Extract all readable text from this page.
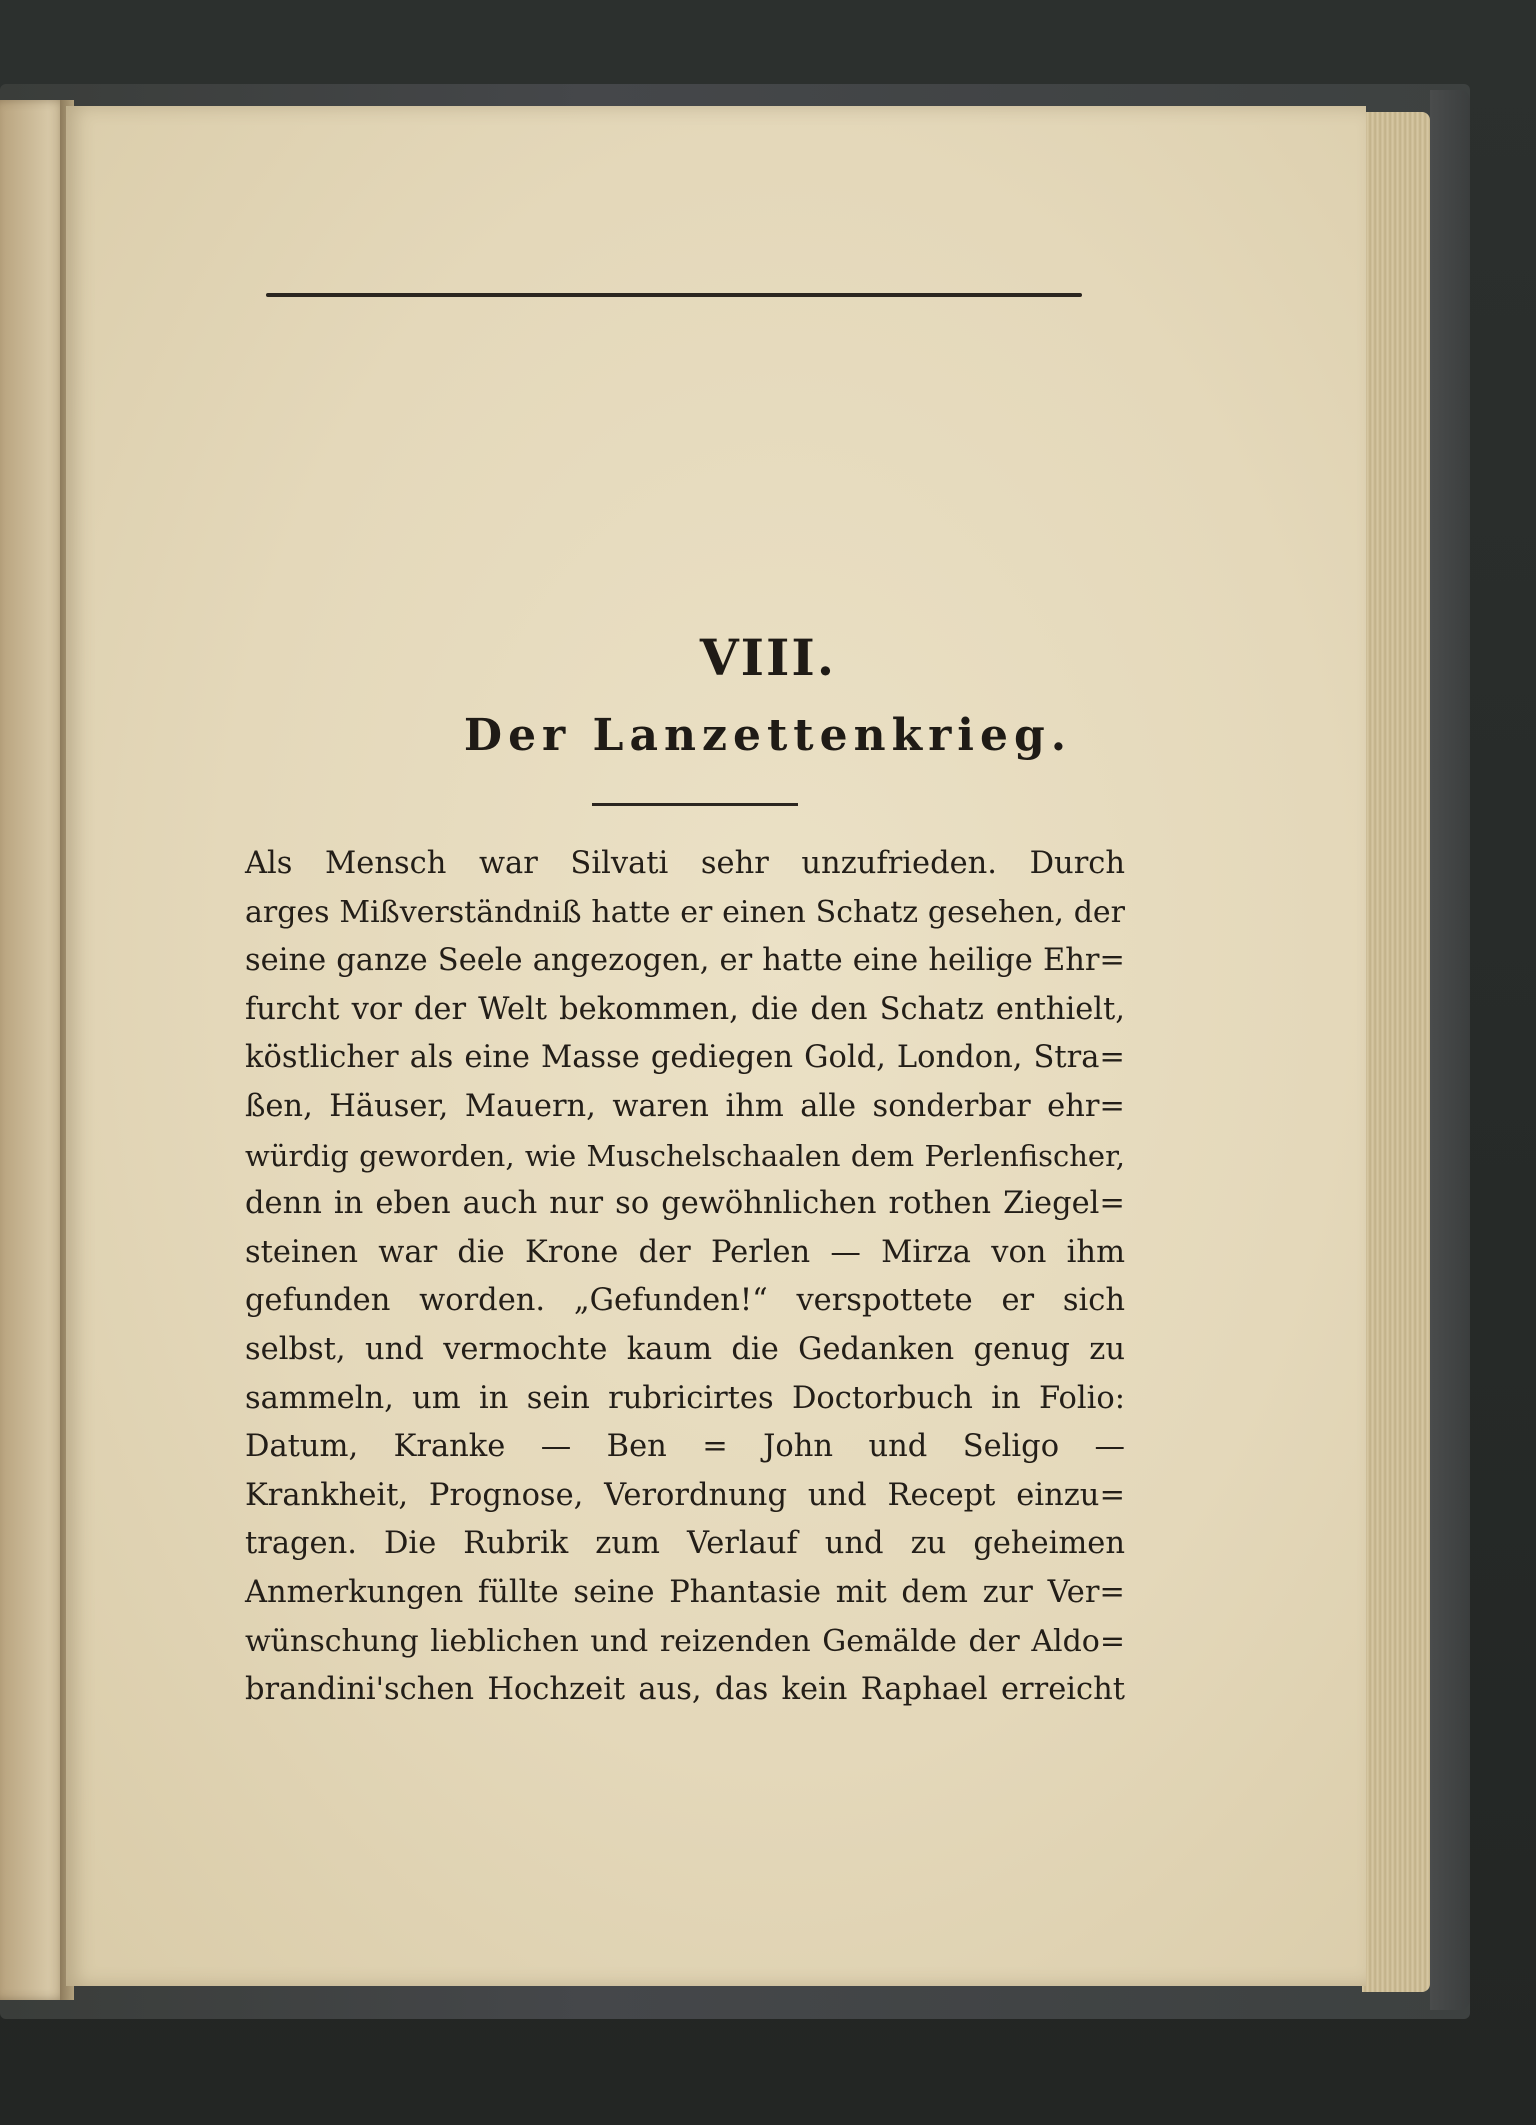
VIII.
Der Lanzettenkrieg.
Als Mensch war Silvati sehr unzufrieden. Durch
arges Mißverständniß hatte er einen Schatz gesehen, der
seine ganze Seele angezogen, er hatte eine heilige Ehr=
furcht vor der Welt bekommen, die den Schatz enthielt,
köstlicher als eine Masse gediegen Gold, London, Stra=
ßen, Häuser, Mauern, waren ihm alle sonderbar ehr=
würdig geworden, wie Muschelschaalen dem Perlenfischer,
denn in eben auch nur so gewöhnlichen rothen Ziegel=
steinen war die Krone der Perlen — Mirza von ihm
gefunden worden. „Gefunden!“ verspottete er sich
selbst, und vermochte kaum die Gedanken genug zu
sammeln, um in sein rubricirtes Doctorbuch in Folio:
Datum, Kranke — Ben = John und Seligo —
Krankheit, Prognose, Verordnung und Recept einzu=
tragen. Die Rubrik zum Verlauf und zu geheimen
Anmerkungen füllte seine Phantasie mit dem zur Ver=
wünschung lieblichen und reizenden Gemälde der Aldo=
brandini'schen Hochzeit aus, das kein Raphael erreicht
